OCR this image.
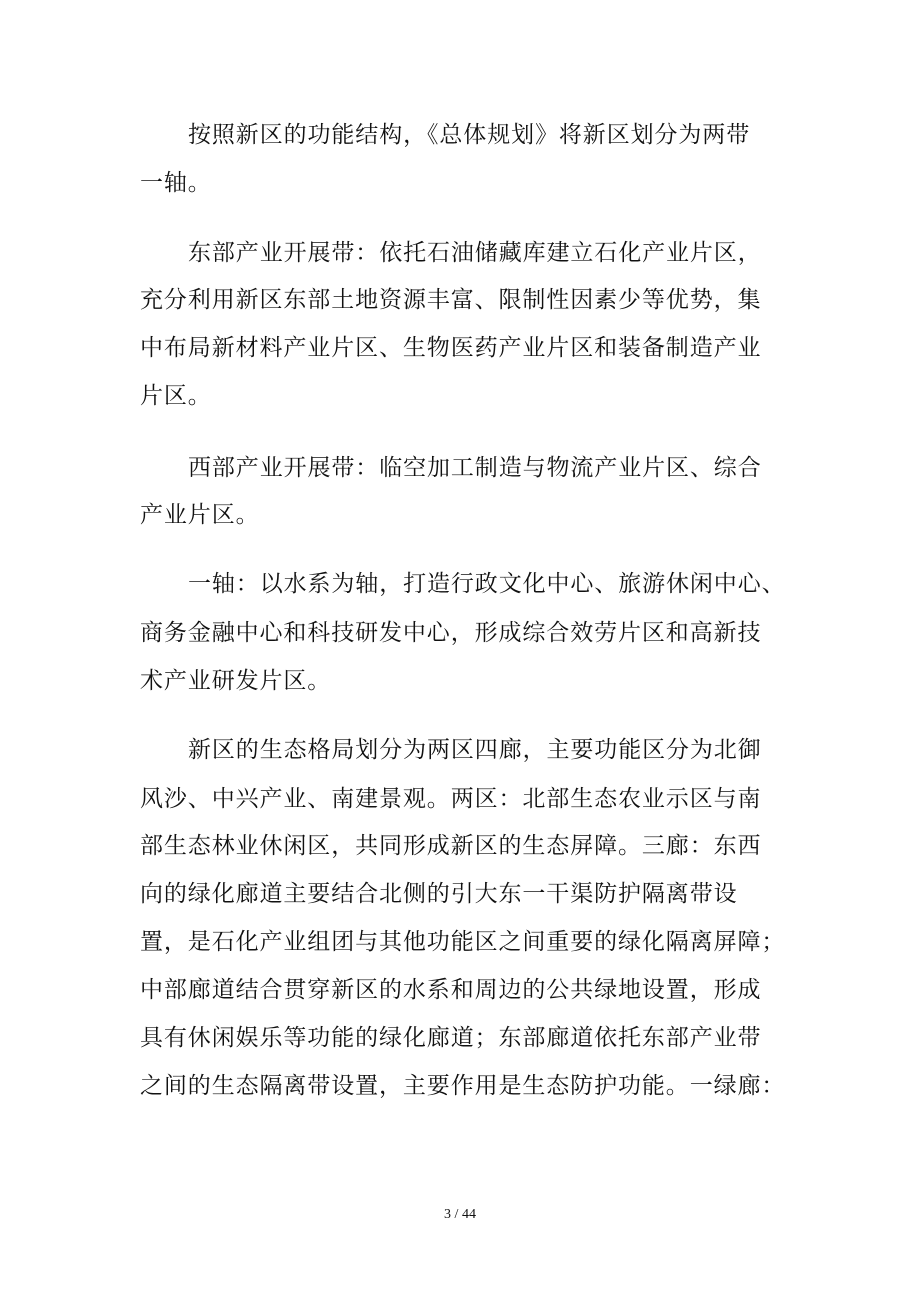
按照新区的功能结构，《总体规划》将新区划分为两带
一轴。
东部产业开展带：依托石油储藏库建立石化产业片区，
充分利用新区东部土地资源丰富、限制性因素少等优势，集
中布局新材料产业片区、生物医药产业片区和装备制造产业
片区。
西部产业开展带：临空加工制造与物流产业片区、综合
产业片区。
一轴：以水系为轴，打造行政文化中心、旅游休闲中心、
商务金融中心和科技研发中心，形成综合效劳片区和高新技
术产业研发片区。
新区的生态格局划分为两区四廊，主要功能区分为北御
风沙、中兴产业、南建景观。两区：北部生态农业示区与南
部生态林业休闲区，共同形成新区的生态屏障。三廊：东西
向的绿化廊道主要结合北侧的引大东一干渠防护隔离带设
置，是石化产业组团与其他功能区之间重要的绿化隔离屏障；
中部廊道结合贯穿新区的水系和周边的公共绿地设置，形成
具有休闲娱乐等功能的绿化廊道；东部廊道依托东部产业带
之间的生态隔离带设置，主要作用是生态防护功能。一绿廊：
3 / 44
